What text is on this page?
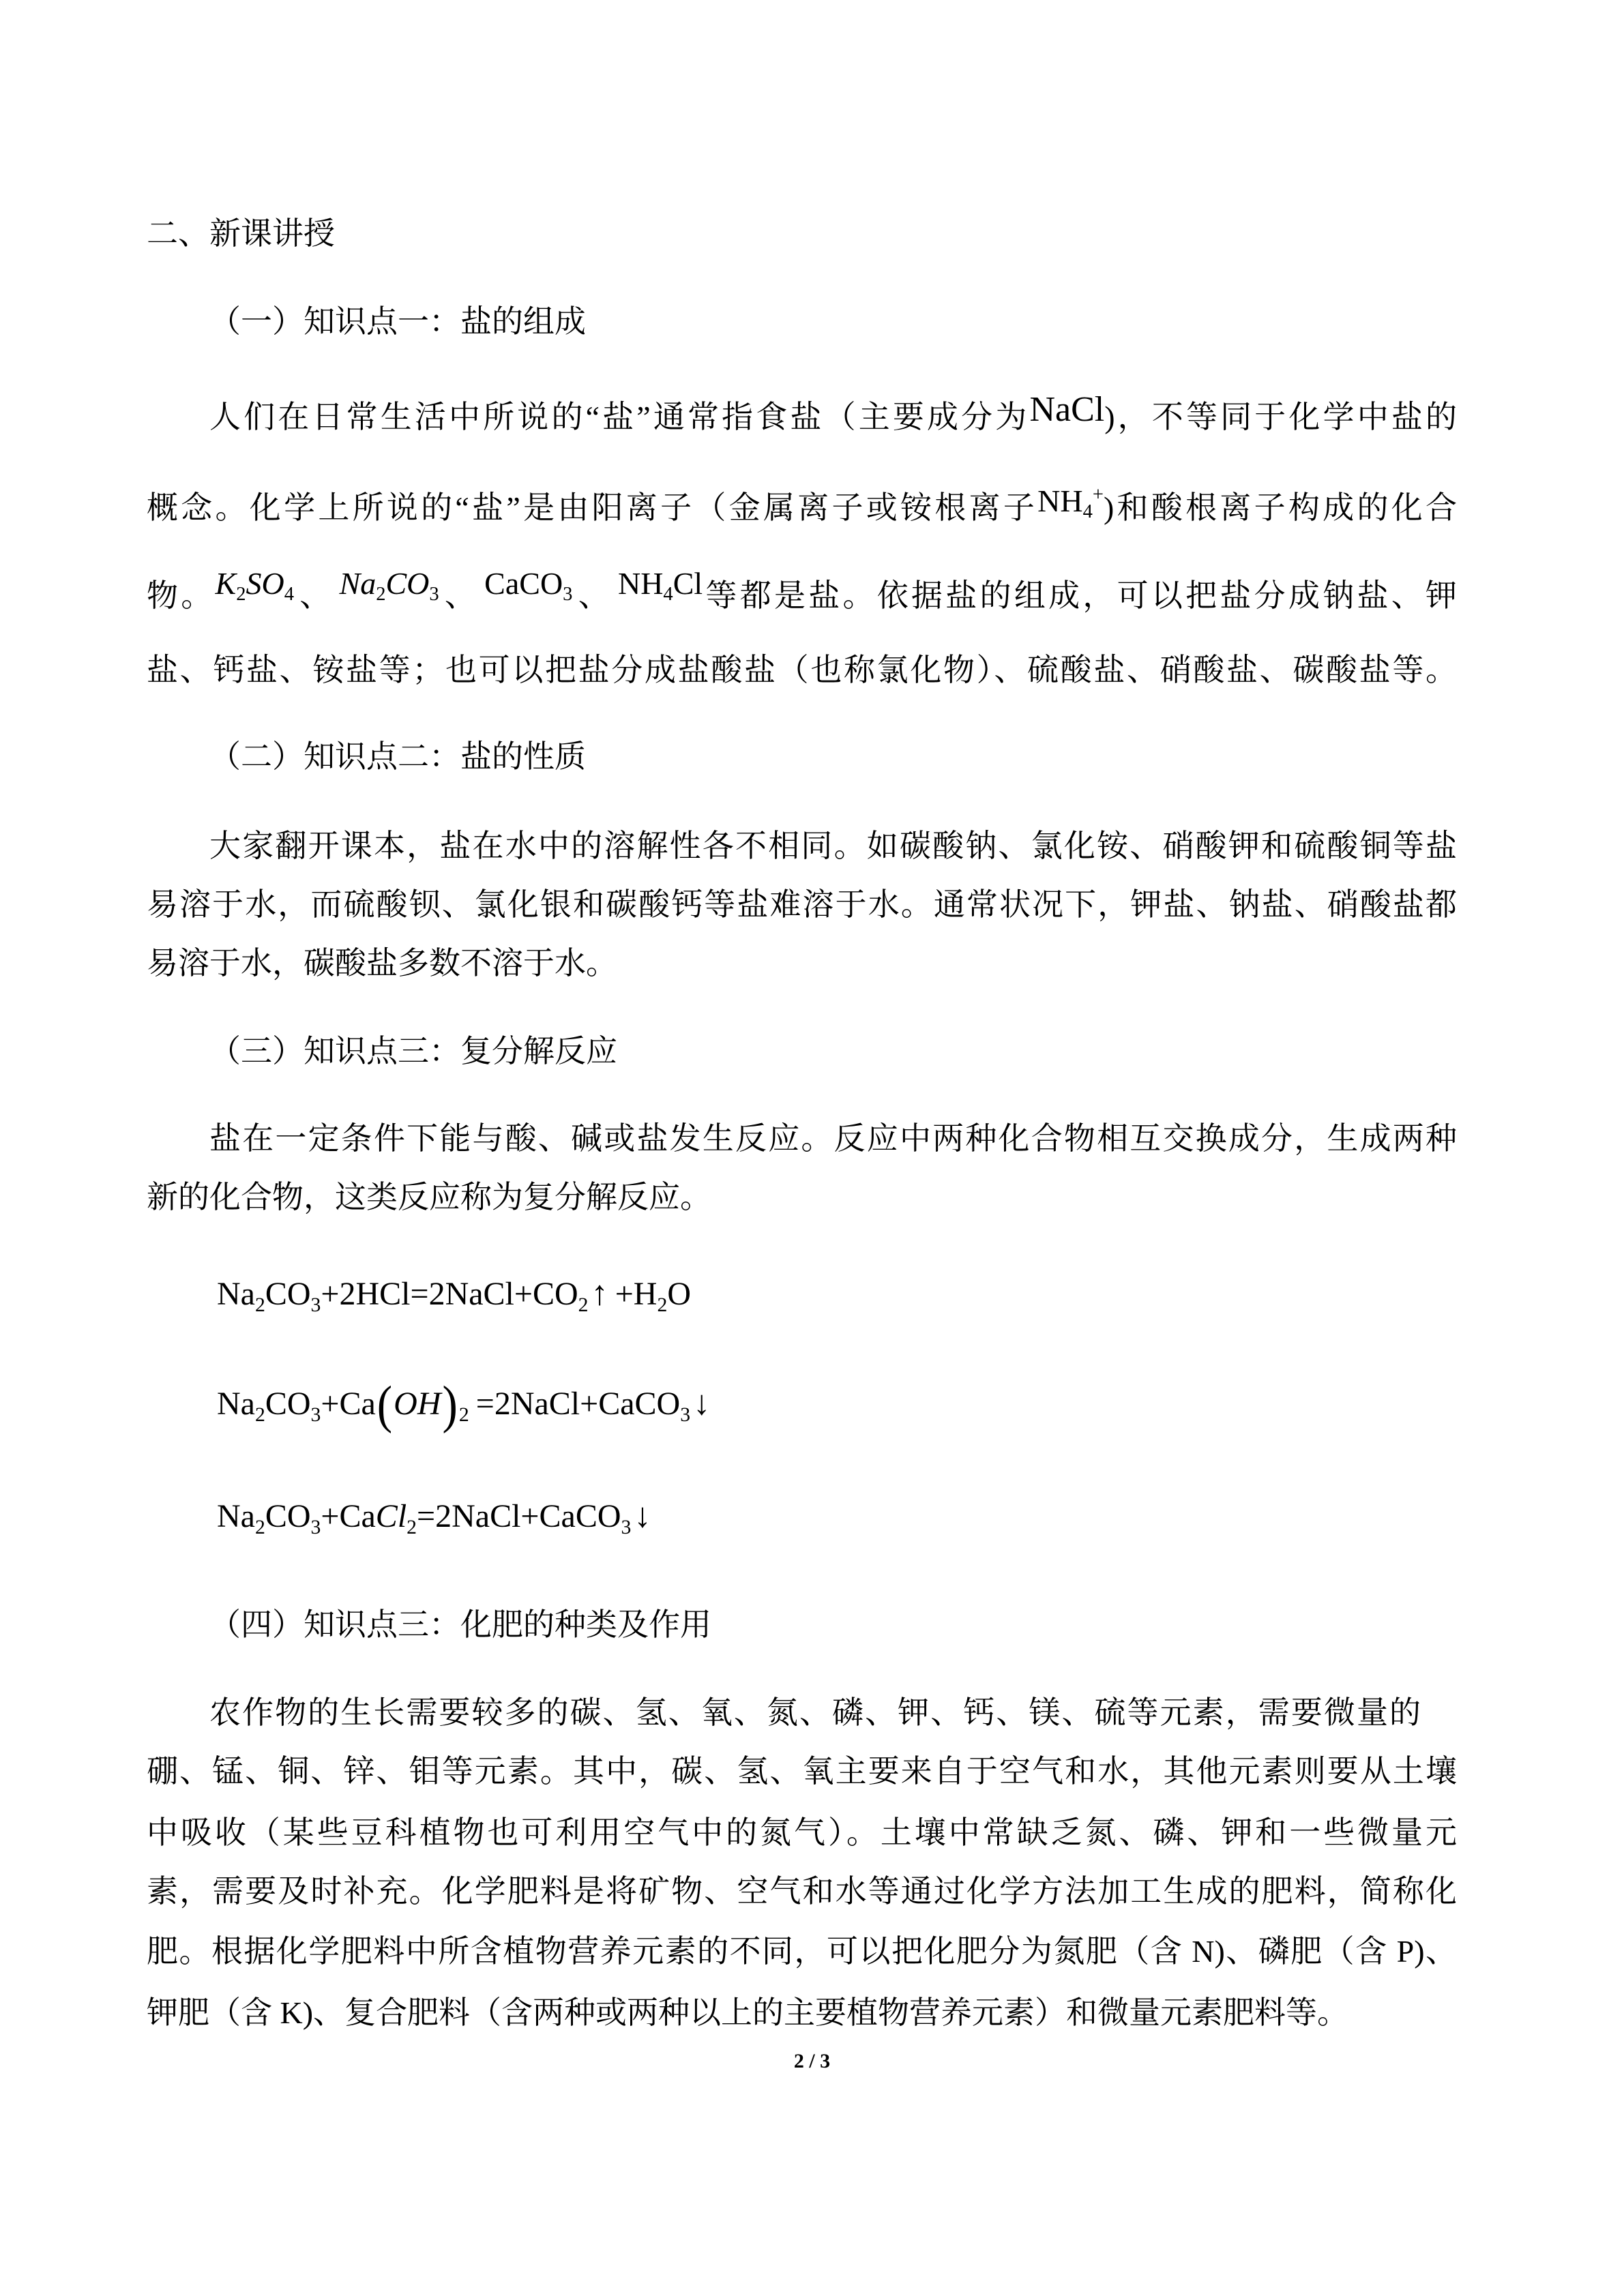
二、新课讲授
（一）知识点一：盐的组成
人们在日常生活中所说的“盐”通常指食盐（主要成分为NaCl)，不等同于化学中盐的
概念。化学上所说的“盐”是由阳离子（金属离子或铵根离子NH4+)和酸根离子构成的化合
物。K2SO4、 Na2CO3、 CaCO3、 NH4Cl等都是盐。依据盐的组成，可以把盐分成钠盐、钾
盐、钙盐、铵盐等；也可以把盐分成盐酸盐（也称氯化物）、硫酸盐、硝酸盐、碳酸盐等。
（二）知识点二：盐的性质
大家翻开课本，盐在水中的溶解性各不相同。如碳酸钠、氯化铵、硝酸钾和硫酸铜等盐
易溶于水，而硫酸钡、氯化银和碳酸钙等盐难溶于水。通常状况下，钾盐、钠盐、硝酸盐都
易溶于水，碳酸盐多数不溶于水。
（三）知识点三：复分解反应
盐在一定条件下能与酸、碱或盐发生反应。反应中两种化合物相互交换成分，生成两种
新的化合物，这类反应称为复分解反应。
Na2CO3+2HCl=2NaCl+CO2↑ +H2O
Na2CO3+Ca(OH)2 =2NaCl+CaCO3↓
Na2CO3+CaCl2=2NaCl+CaCO3↓
（四）知识点三：化肥的种类及作用
农作物的生长需要较多的碳、氢、氧、氮、磷、钾、钙、镁、硫等元素，需要微量的
硼、锰、铜、锌、钼等元素。其中，碳、氢、氧主要来自于空气和水，其他元素则要从土壤
中吸收（某些豆科植物也可利用空气中的氮气）。土壤中常缺乏氮、磷、钾和一些微量元
素，需要及时补充。化学肥料是将矿物、空气和水等通过化学方法加工生成的肥料，简称化
肥。根据化学肥料中所含植物营养元素的不同，可以把化肥分为氮肥（含 N)、磷肥（含 P)、
钾肥（含 K)、复合肥料（含两种或两种以上的主要植物营养元素）和微量元素肥料等。
2 / 3
